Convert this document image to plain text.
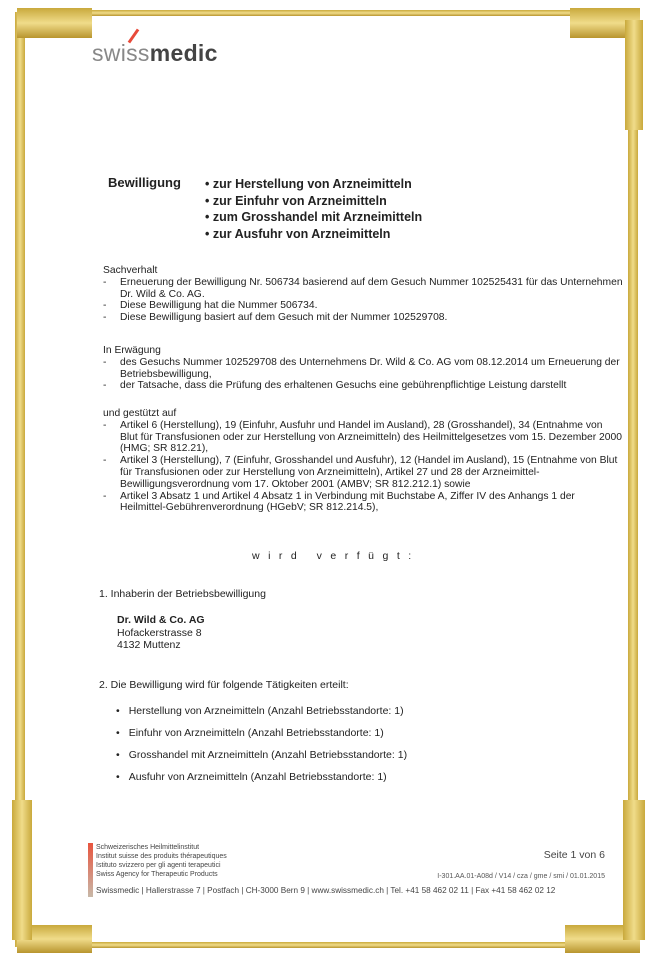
swissmedic
Bewilligung	• zur Herstellung von Arzneimitteln
• zur Einfuhr von Arzneimitteln
• zum Grosshandel mit Arzneimitteln
• zur Ausfuhr von Arzneimitteln
Sachverhalt
- Erneuerung der Bewilligung Nr. 506734 basierend auf dem Gesuch Nummer 102525431 für das Unternehmen Dr. Wild & Co. AG.
- Diese Bewilligung hat die Nummer 506734.
- Diese Bewilligung basiert auf dem Gesuch mit der Nummer 102529708.
In Erwägung
- des Gesuchs Nummer 102529708 des Unternehmens Dr. Wild & Co. AG vom 08.12.2014 um Erneuerung der Betriebsbewilligung,
- der Tatsache, dass die Prüfung des erhaltenen Gesuchs eine gebührenpflichtige Leistung darstellt
und gestützt auf
- Artikel 6 (Herstellung), 19 (Einfuhr, Ausfuhr und Handel im Ausland), 28 (Grosshandel), 34 (Entnahme von Blut für Transfusionen oder zur Herstellung von Arzneimitteln) des Heilmittelgesetzes vom 15. Dezember 2000 (HMG; SR 812.21),
- Artikel 3 (Herstellung), 7 (Einfuhr, Grosshandel und Ausfuhr), 12 (Handel im Ausland), 15 (Entnahme von Blut für Transfusionen oder zur Herstellung von Arzneimitteln), Artikel 27 und 28 der Arzneimittel-Bewilligungsverordnung vom 17. Oktober 2001 (AMBV; SR 812.212.1) sowie
- Artikel 3 Absatz 1 und Artikel 4 Absatz 1 in Verbindung mit Buchstabe A, Ziffer IV des Anhangs 1 der Heilmittel-Gebührenverordnung (HGebV; SR 812.214.5),
wird verfügt:
1. Inhaberin der Betriebsbewilligung
Dr. Wild & Co. AG
Hofackerstrasse 8
4132 Muttenz
2. Die Bewilligung wird für folgende Tätigkeiten erteilt:
• Herstellung von Arzneimitteln (Anzahl Betriebsstandorte: 1)
• Einfuhr von Arzneimitteln (Anzahl Betriebsstandorte: 1)
• Grosshandel mit Arzneimitteln (Anzahl Betriebsstandorte: 1)
• Ausfuhr von Arzneimitteln (Anzahl Betriebsstandorte: 1)
Schweizerisches Heilmittelinstitut
Institut suisse des produits thérapeutiques
Istituto svizzero per gli agenti terapeutici
Swiss Agency for Therapeutic Products
Seite 1 von 6
I-301.AA.01-A08d / V14 / cza / gme / smi / 01.01.2015
Swissmedic | Hallerstrasse 7 | Postfach | CH-3000 Bern 9 | www.swissmedic.ch | Tel. +41 58 462 02 11 | Fax +41 58 462 02 12
